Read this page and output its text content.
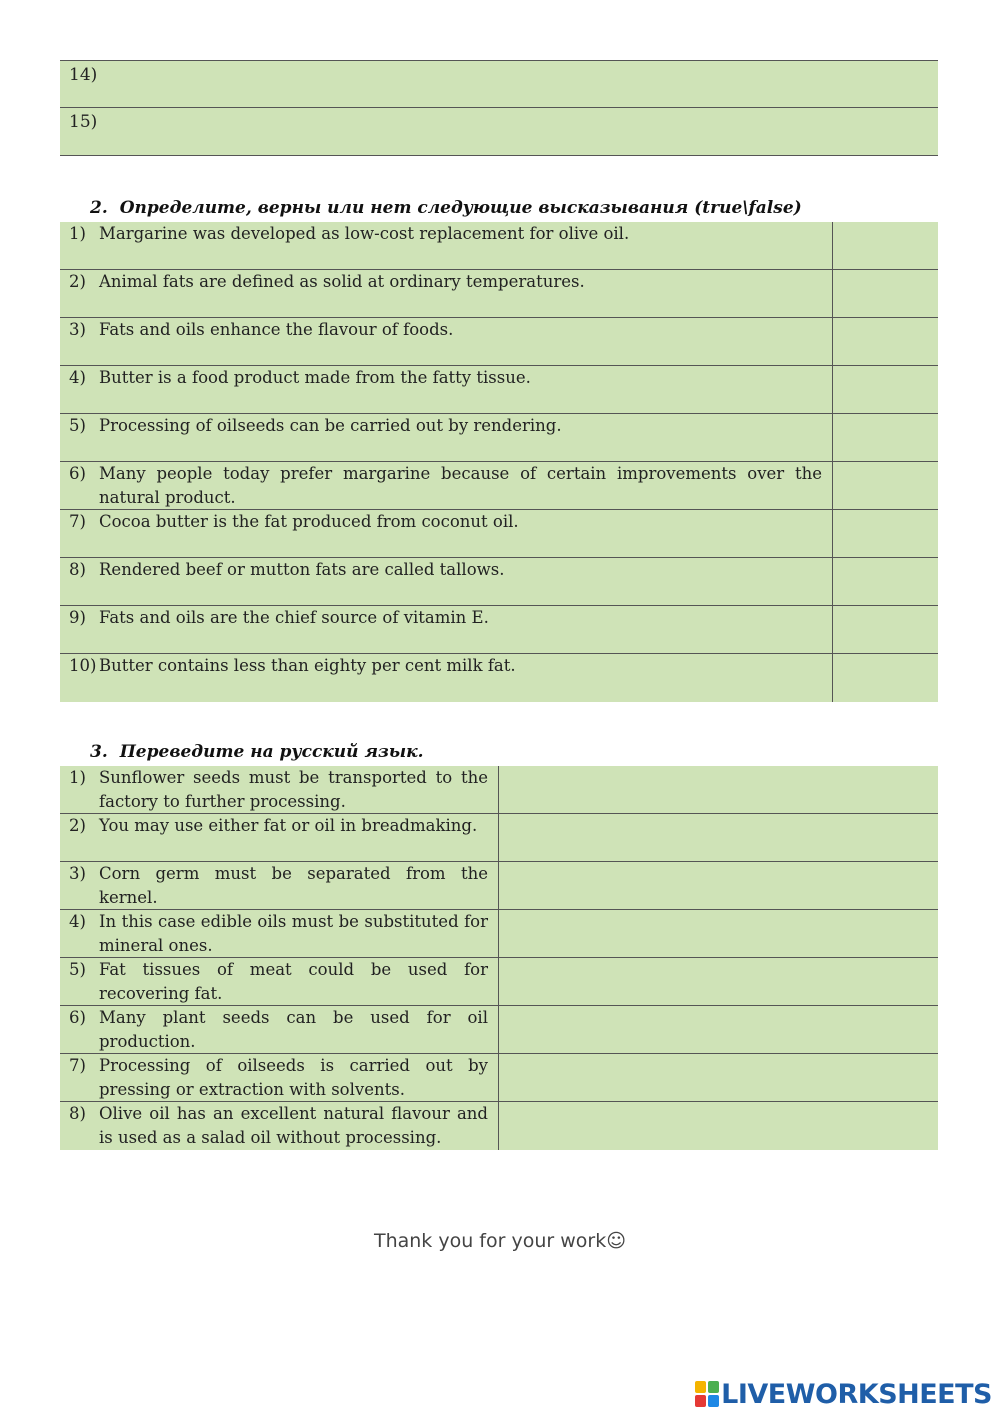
14)
15)
2. Определите, верны или нет следующие высказывания (true\false)
1) Margarine was developed as low-cost replacement for olive oil.
2) Animal fats are defined as solid at ordinary temperatures.
3) Fats and oils enhance the flavour of foods.
4) Butter is a food product made from the fatty tissue.
5) Processing of oilseeds can be carried out by rendering.
6) Many people today prefer margarine because of certain improvements over the natural product.
7) Cocoa butter is the fat produced from coconut oil.
8) Rendered beef or mutton fats are called tallows.
9) Fats and oils are the chief source of vitamin E.
10) Butter contains less than eighty per cent milk fat.
3. Переведите на русский язык.
1) Sunflower seeds must be transported to the factory to further processing.
2) You may use either fat or oil in breadmaking.
3) Corn germ must be separated from the kernel.
4) In this case edible oils must be substituted for mineral ones.
5) Fat tissues of meat could be used for recovering fat.
6) Many plant seeds can be used for oil production.
7) Processing of oilseeds is carried out by pressing or extraction with solvents.
8) Olive oil has an excellent natural flavour and is used as a salad oil without processing.
Thank you for your work☺
LIVEWORKSHEETS
